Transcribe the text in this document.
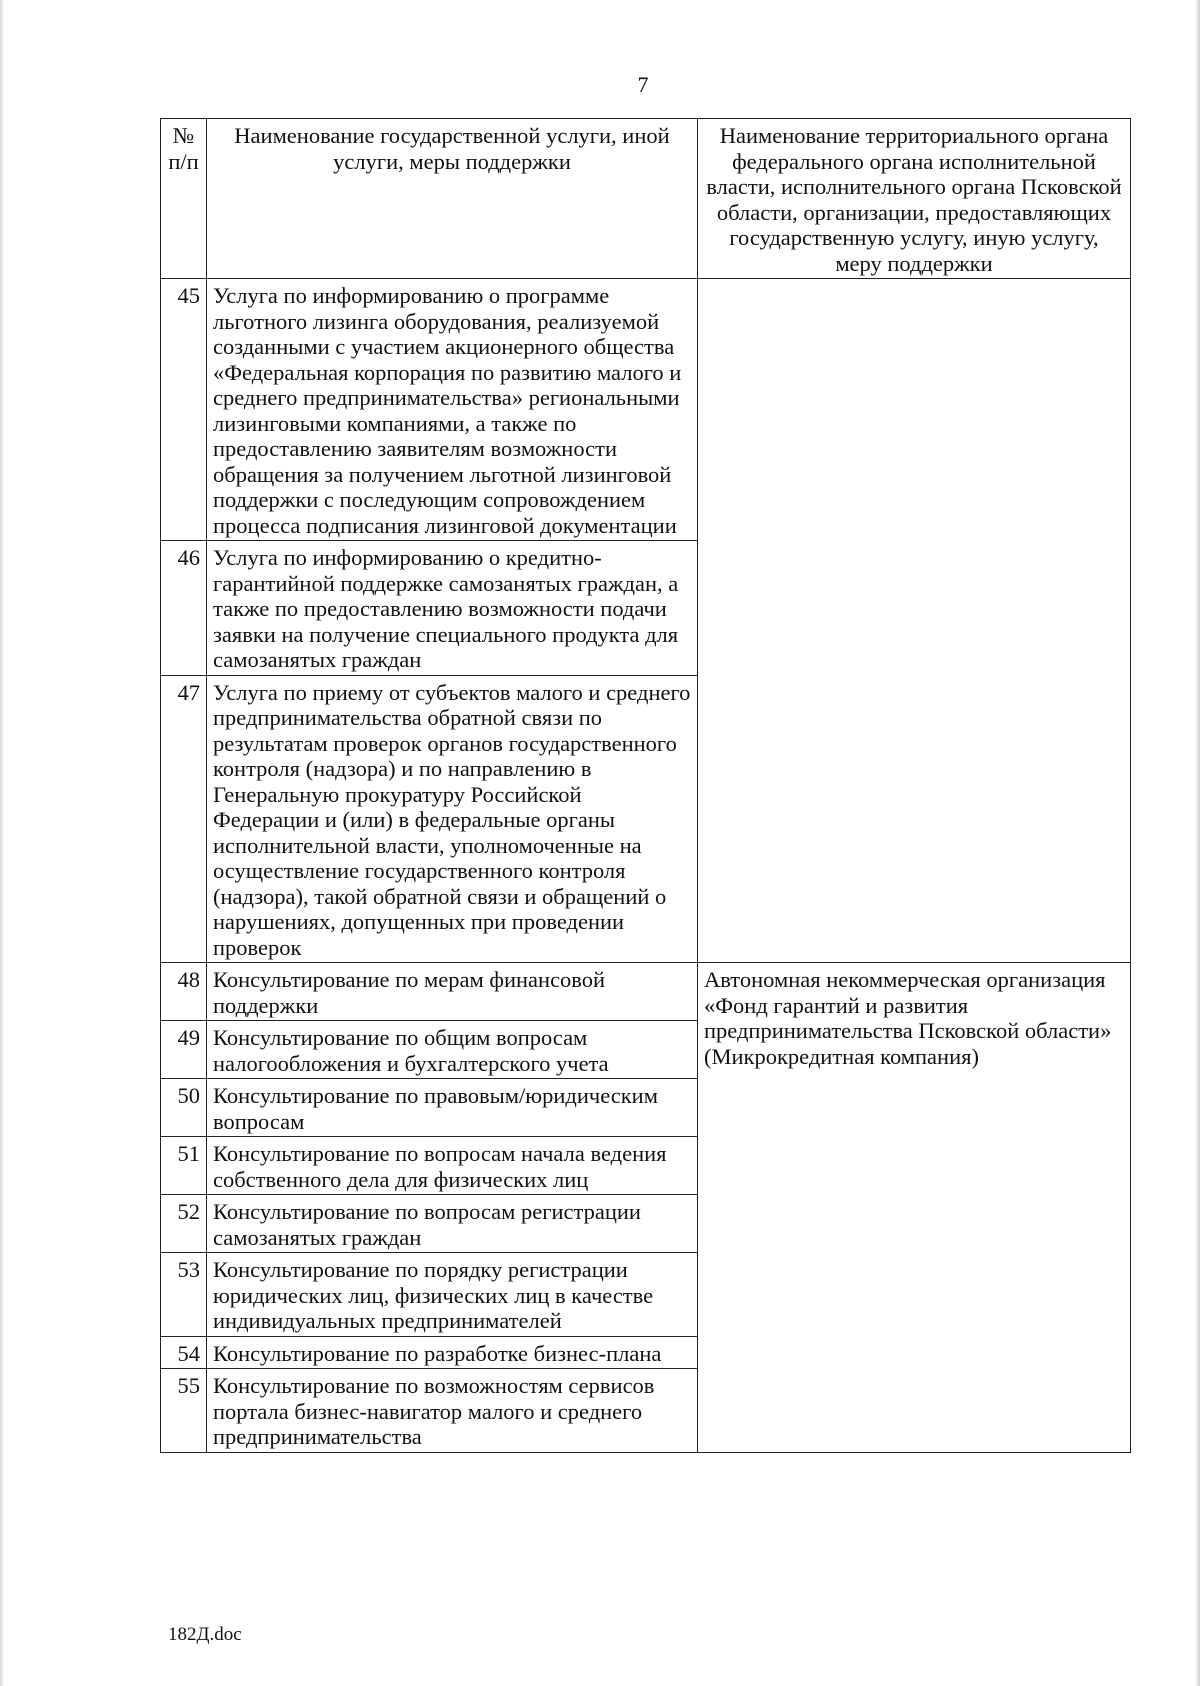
7
№ п/п	Наименование государственной услуги, иной услуги, меры поддержки	Наименование территориального органа федерального органа исполнительной власти, исполнительного органа Псковской области, организации, предоставляющих государственную услугу, иную услугу, меру поддержки
45	Услуга по информированию о программе льготного лизинга оборудования, реализуемой созданными с участием акционерного общества «Федеральная корпорация по развитию малого и среднего предпринимательства» региональными лизинговыми компаниями, а также по предоставлению заявителям возможности обращения за получением льготной лизинговой поддержки с последующим сопровождением процесса подписания лизинговой документации	
46	Услуга по информированию о кредитно-гарантийной поддержке самозанятых граждан, а также по предоставлению возможности подачи заявки на получение специального продукта для самозанятых граждан	
47	Услуга по приему от субъектов малого и среднего предпринимательства обратной связи по результатам проверок органов государственного контроля (надзора) и по направлению в Генеральную прокуратуру Российской Федерации и (или) в федеральные органы исполнительной власти, уполномоченные на осуществление государственного контроля (надзора), такой обратной связи и обращений о нарушениях, допущенных при проведении проверок	
48	Консультирование по мерам финансовой поддержки	Автономная некоммерческая организация «Фонд гарантий и развития предпринимательства Псковской области» (Микрокредитная компания)
49	Консультирование по общим вопросам налогообложения и бухгалтерского учета	
50	Консультирование по правовым/юридическим вопросам	
51	Консультирование по вопросам начала ведения собственного дела для физических лиц	
52	Консультирование по вопросам регистрации самозанятых граждан	
53	Консультирование по порядку регистрации юридических лиц, физических лиц в качестве индивидуальных предпринимателей	
54	Консультирование по разработке бизнес-плана	
55	Консультирование по возможностям сервисов портала бизнес-навигатор малого и среднего предпринимательства	
182Д.doc
